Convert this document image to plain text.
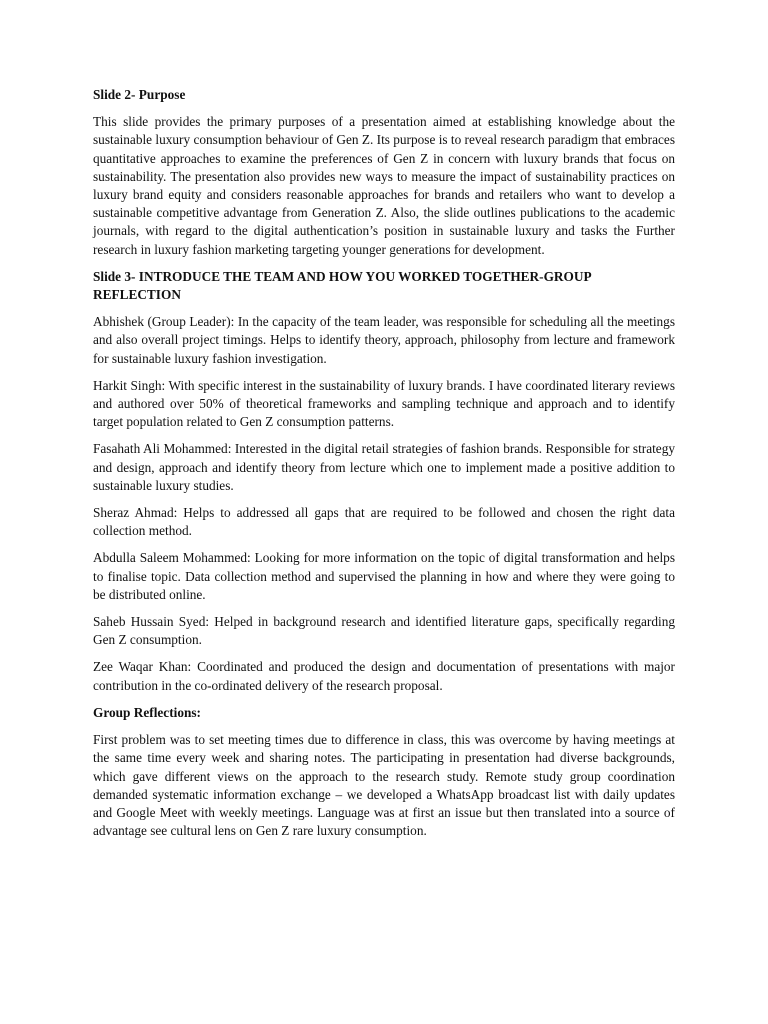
Slide 2- Purpose

This slide provides the primary purposes of a presentation aimed at establishing knowledge about the sustainable luxury consumption behaviour of Gen Z. Its purpose is to reveal research paradigm that embraces quantitative approaches to examine the preferences of Gen Z in concern with luxury brands that focus on sustainability. The presentation also provides new ways to measure the impact of sustainability practices on luxury brand equity and considers reasonable approaches for brands and retailers who want to develop a sustainable competitive advantage from Generation Z. Also, the slide outlines publications to the academic journals, with regard to the digital authentication’s position in sustainable luxury and tasks the Further research in luxury fashion marketing targeting younger generations for development.

Slide 3- INTRODUCE THE TEAM AND HOW YOU WORKED TOGETHER-GROUP REFLECTION

Abhishek (Group Leader): In the capacity of the team leader, was responsible for scheduling all the meetings and also overall project timings. Helps to identify theory, approach, philosophy from lecture and framework for sustainable luxury fashion investigation.

Harkit Singh: With specific interest in the sustainability of luxury brands. I have coordinated literary reviews and authored over 50% of theoretical frameworks and sampling technique and approach and to identify target population related to Gen Z consumption patterns.

Fasahath Ali Mohammed: Interested in the digital retail strategies of fashion brands. Responsible for strategy and design, approach and identify theory from lecture which one to implement made a positive addition to sustainable luxury studies.

Sheraz Ahmad: Helps to addressed all gaps that are required to be followed and chosen the right data collection method.

Abdulla Saleem Mohammed: Looking for more information on the topic of digital transformation and helps to finalise topic. Data collection method and supervised the planning in how and where they were going to be distributed online.

Saheb Hussain Syed: Helped in background research and identified literature gaps, specifically regarding Gen Z consumption.

Zee Waqar Khan: Coordinated and produced the design and documentation of presentations with major contribution in the co-ordinated delivery of the research proposal.

Group Reflections:

First problem was to set meeting times due to difference in class, this was overcome by having meetings at the same time every week and sharing notes. The participating in presentation had diverse backgrounds, which gave different views on the approach to the research study. Remote study group coordination demanded systematic information exchange – we developed a WhatsApp broadcast list with daily updates and Google Meet with weekly meetings. Language was at first an issue but then translated into a source of advantage see cultural lens on Gen Z rare luxury consumption.
